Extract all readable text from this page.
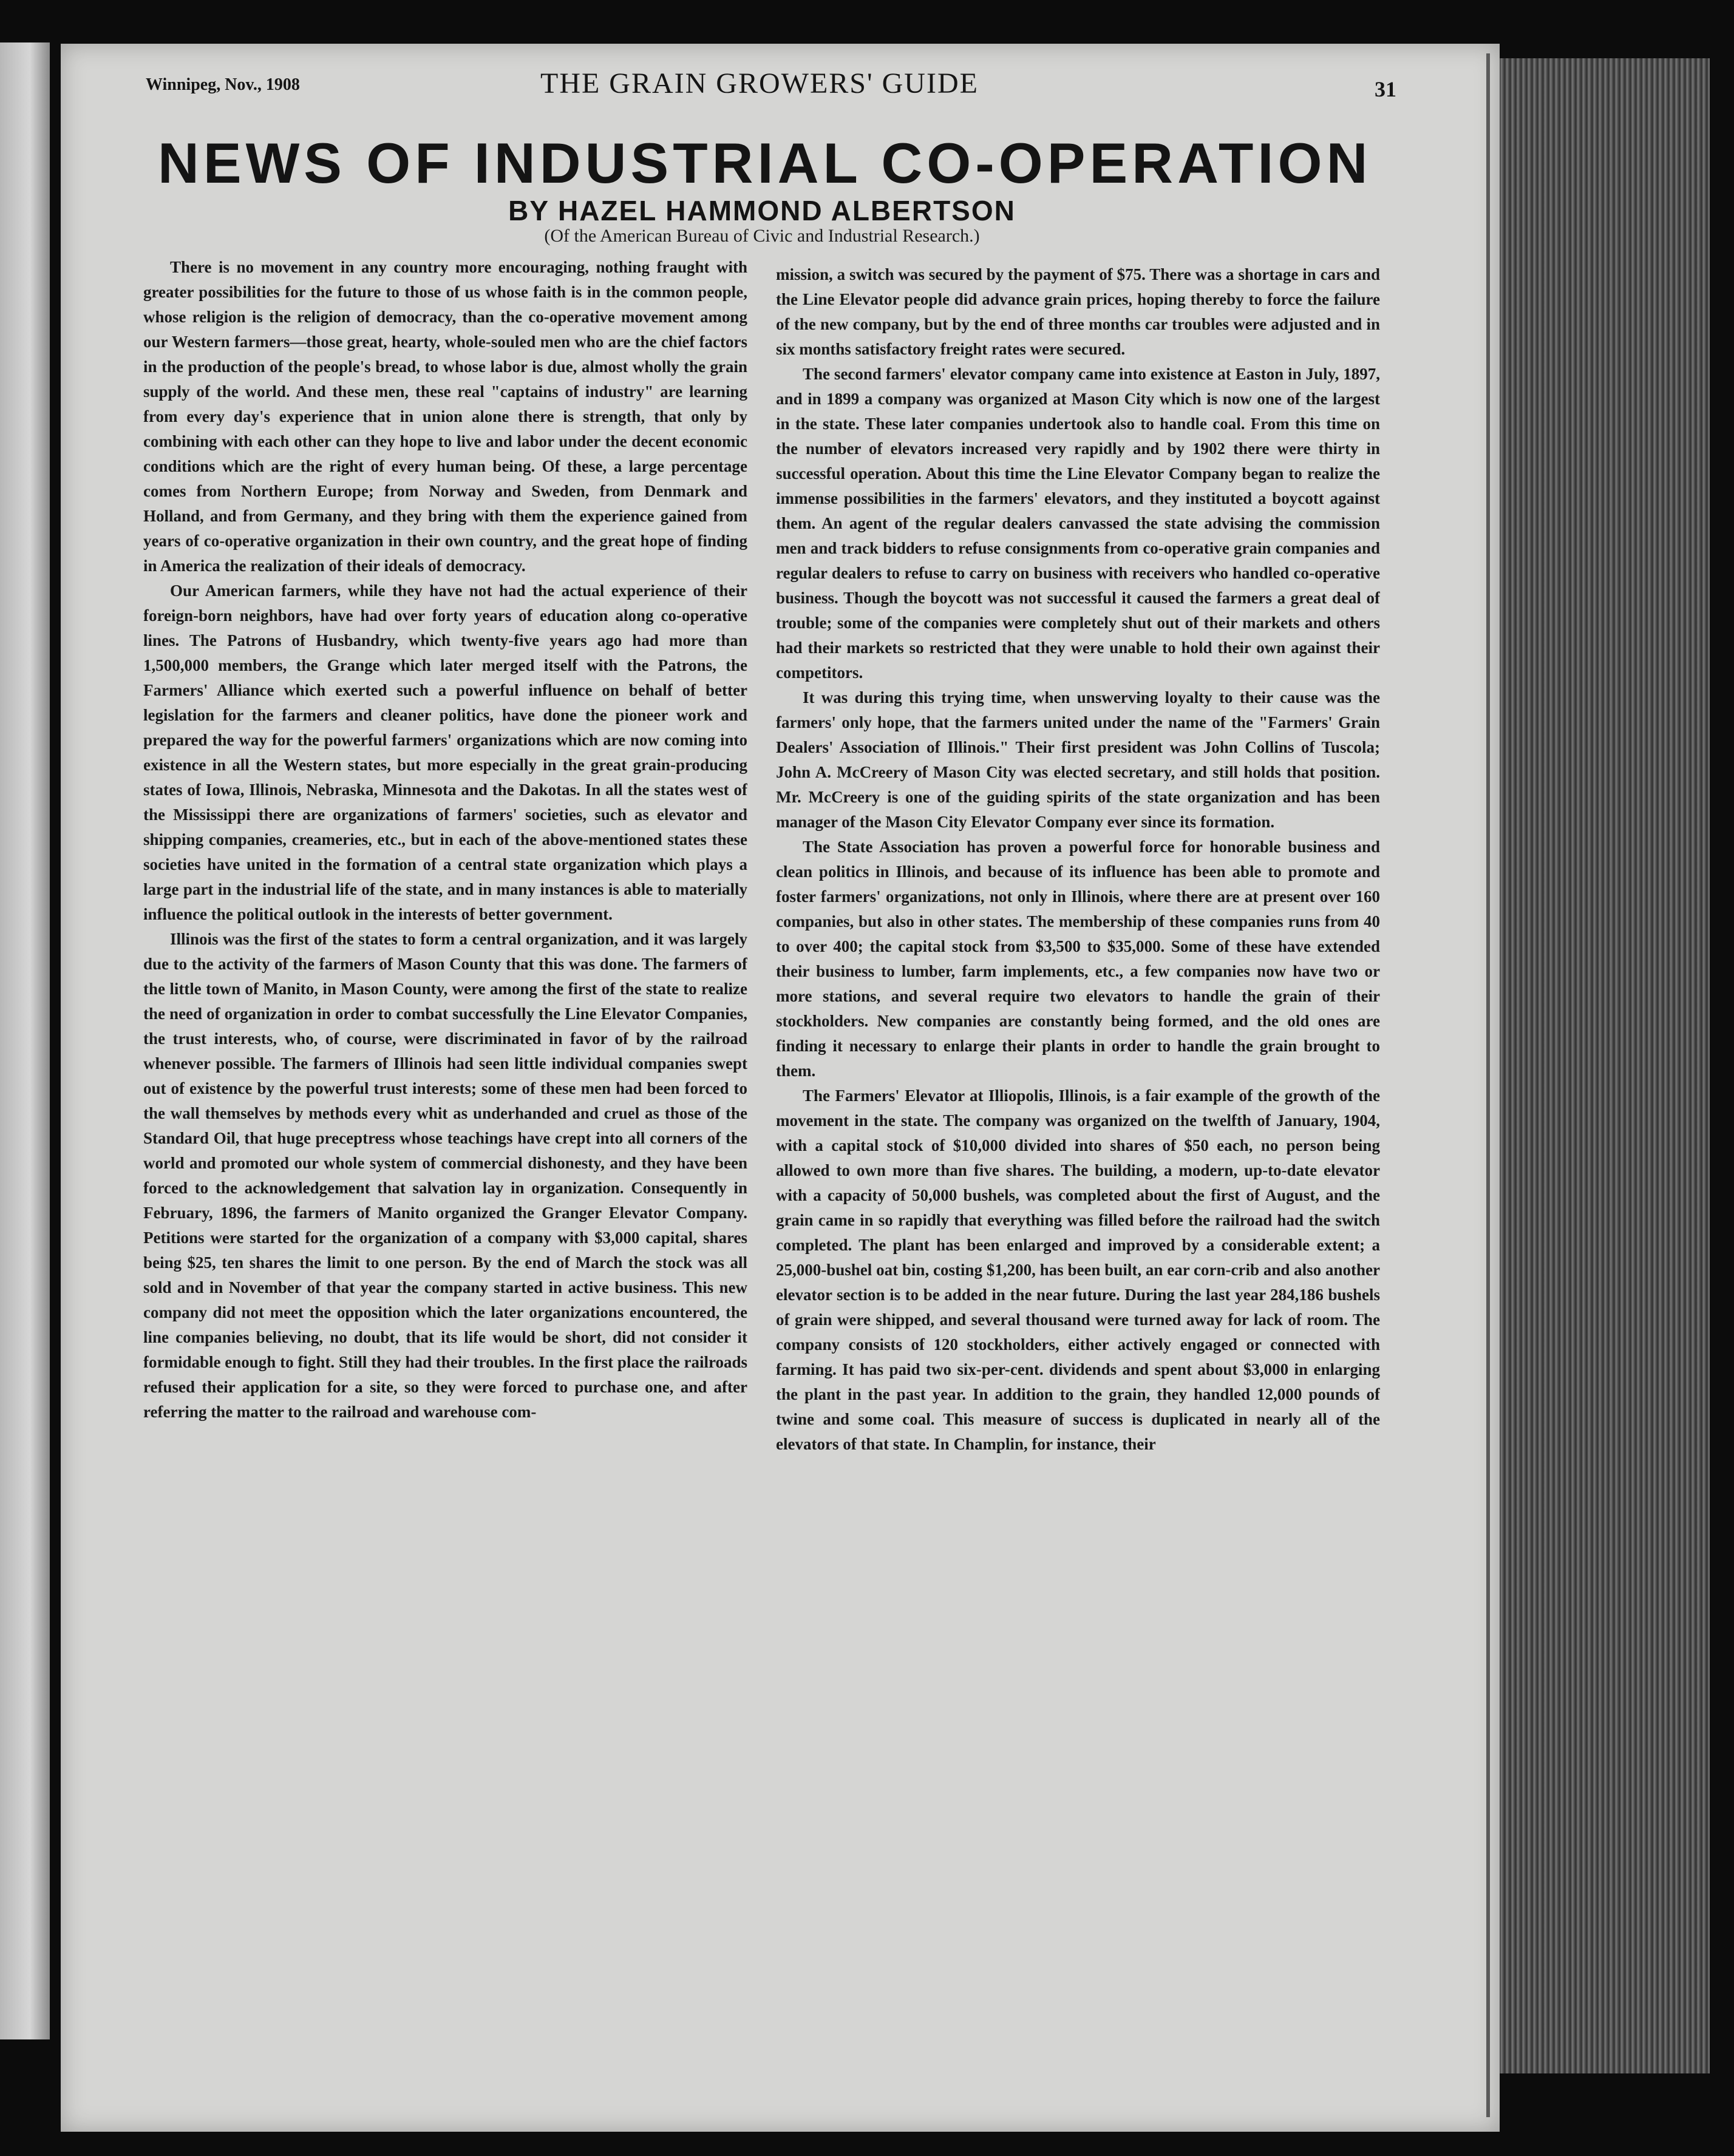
Winnipeg, Nov., 1908	THE GRAIN GROWERS' GUIDE	31
NEWS OF INDUSTRIAL CO-OPERATION
BY HAZEL HAMMOND ALBERTSON
(Of the American Bureau of Civic and Industrial Research.)

There is no movement in any country more encouraging, nothing fraught with greater possibilities for the future to those of us whose faith is in the common people, whose religion is the religion of democracy, than the co-operative movement among our Western farmers—those great, hearty, whole-souled men who are the chief factors in the production of the people's bread, to whose labor is due, almost wholly the grain supply of the world. And these men, these real "captains of industry" are learning from every day's experience that in union alone there is strength, that only by combining with each other can they hope to live and labor under the decent economic conditions which are the right of every human being. Of these, a large percentage comes from Northern Europe; from Norway and Sweden, from Denmark and Holland, and from Germany, and they bring with them the experience gained from years of co-operative organization in their own country, and the great hope of finding in America the realization of their ideals of democracy.

Our American farmers, while they have not had the actual experience of their foreign-born neighbors, have had over forty years of education along co-operative lines. The Patrons of Husbandry, which twenty-five years ago had more than 1,500,000 members, the Grange which later merged itself with the Patrons, the Farmers' Alliance which exerted such a powerful influence on behalf of better legislation for the farmers and cleaner politics, have done the pioneer work and prepared the way for the powerful farmers' organizations which are now coming into existence in all the Western states, but more especially in the great grain-producing states of Iowa, Illinois, Nebraska, Minnesota and the Dakotas. In all the states west of the Mississippi there are organizations of farmers' societies, such as elevator and shipping companies, creameries, etc., but in each of the above-mentioned states these societies have united in the formation of a central state organization which plays a large part in the industrial life of the state, and in many instances is able to materially influence the political outlook in the interests of better government.

Illinois was the first of the states to form a central organization, and it was largely due to the activity of the farmers of Mason County that this was done. The farmers of the little town of Manito, in Mason County, were among the first of the state to realize the need of organization in order to combat successfully the Line Elevator Companies, the trust interests, who, of course, were discriminated in favor of by the railroad whenever possible. The farmers of Illinois had seen little individual companies swept out of existence by the powerful trust interests; some of these men had been forced to the wall themselves by methods every whit as underhanded and cruel as those of the Standard Oil, that huge preceptress whose teachings have crept into all corners of the world and promoted our whole system of commercial dishonesty, and they have been forced to the acknowledgement that salvation lay in organization. Consequently in February, 1896, the farmers of Manito organized the Granger Elevator Company. Petitions were started for the organization of a company with $3,000 capital, shares being $25, ten shares the limit to one person. By the end of March the stock was all sold and in November of that year the company started in active business. This new company did not meet the opposition which the later organizations encountered, the line companies believing, no doubt, that its life would be short, did not consider it formidable enough to fight. Still they had their troubles. In the first place the railroads refused their application for a site, so they were forced to purchase one, and after referring the matter to the railroad and warehouse com-

mission, a switch was secured by the payment of $75. There was a shortage in cars and the Line Elevator people did advance grain prices, hoping thereby to force the failure of the new company, but by the end of three months car troubles were adjusted and in six months satisfactory freight rates were secured.

The second farmers' elevator company came into existence at Easton in July, 1897, and in 1899 a company was organized at Mason City which is now one of the largest in the state. These later companies undertook also to handle coal. From this time on the number of elevators increased very rapidly and by 1902 there were thirty in successful operation. About this time the Line Elevator Company began to realize the immense possibilities in the farmers' elevators, and they instituted a boycott against them. An agent of the regular dealers canvassed the state advising the commission men and track bidders to refuse consignments from co-operative grain companies and regular dealers to refuse to carry on business with receivers who handled co-operative business. Though the boycott was not successful it caused the farmers a great deal of trouble; some of the companies were completely shut out of their markets and others had their markets so restricted that they were unable to hold their own against their competitors.

It was during this trying time, when unswerving loyalty to their cause was the farmers' only hope, that the farmers united under the name of the "Farmers' Grain Dealers' Association of Illinois." Their first president was John Collins of Tuscola; John A. McCreery of Mason City was elected secretary, and still holds that position. Mr. McCreery is one of the guiding spirits of the state organization and has been manager of the Mason City Elevator Company ever since its formation.

The State Association has proven a powerful force for honorable business and clean politics in Illinois, and because of its influence has been able to promote and foster farmers' organizations, not only in Illinois, where there are at present over 160 companies, but also in other states. The membership of these companies runs from 40 to over 400; the capital stock from $3,500 to $35,000. Some of these have extended their business to lumber, farm implements, etc., a few companies now have two or more stations, and several require two elevators to handle the grain of their stockholders. New companies are constantly being formed, and the old ones are finding it necessary to enlarge their plants in order to handle the grain brought to them.

The Farmers' Elevator at Illiopolis, Illinois, is a fair example of the growth of the movement in the state. The company was organized on the twelfth of January, 1904, with a capital stock of $10,000 divided into shares of $50 each, no person being allowed to own more than five shares. The building, a modern, up-to-date elevator with a capacity of 50,000 bushels, was completed about the first of August, and the grain came in so rapidly that everything was filled before the railroad had the switch completed. The plant has been enlarged and improved by a considerable extent; a 25,000-bushel oat bin, costing $1,200, has been built, an ear corn-crib and also another elevator section is to be added in the near future. During the last year 284,186 bushels of grain were shipped, and several thousand were turned away for lack of room. The company consists of 120 stockholders, either actively engaged or connected with farming. It has paid two six-per-cent. dividends and spent about $3,000 in enlarging the plant in the past year. In addition to the grain, they handled 12,000 pounds of twine and some coal. This measure of success is duplicated in nearly all of the elevators of that state. In Champlin, for instance, their
